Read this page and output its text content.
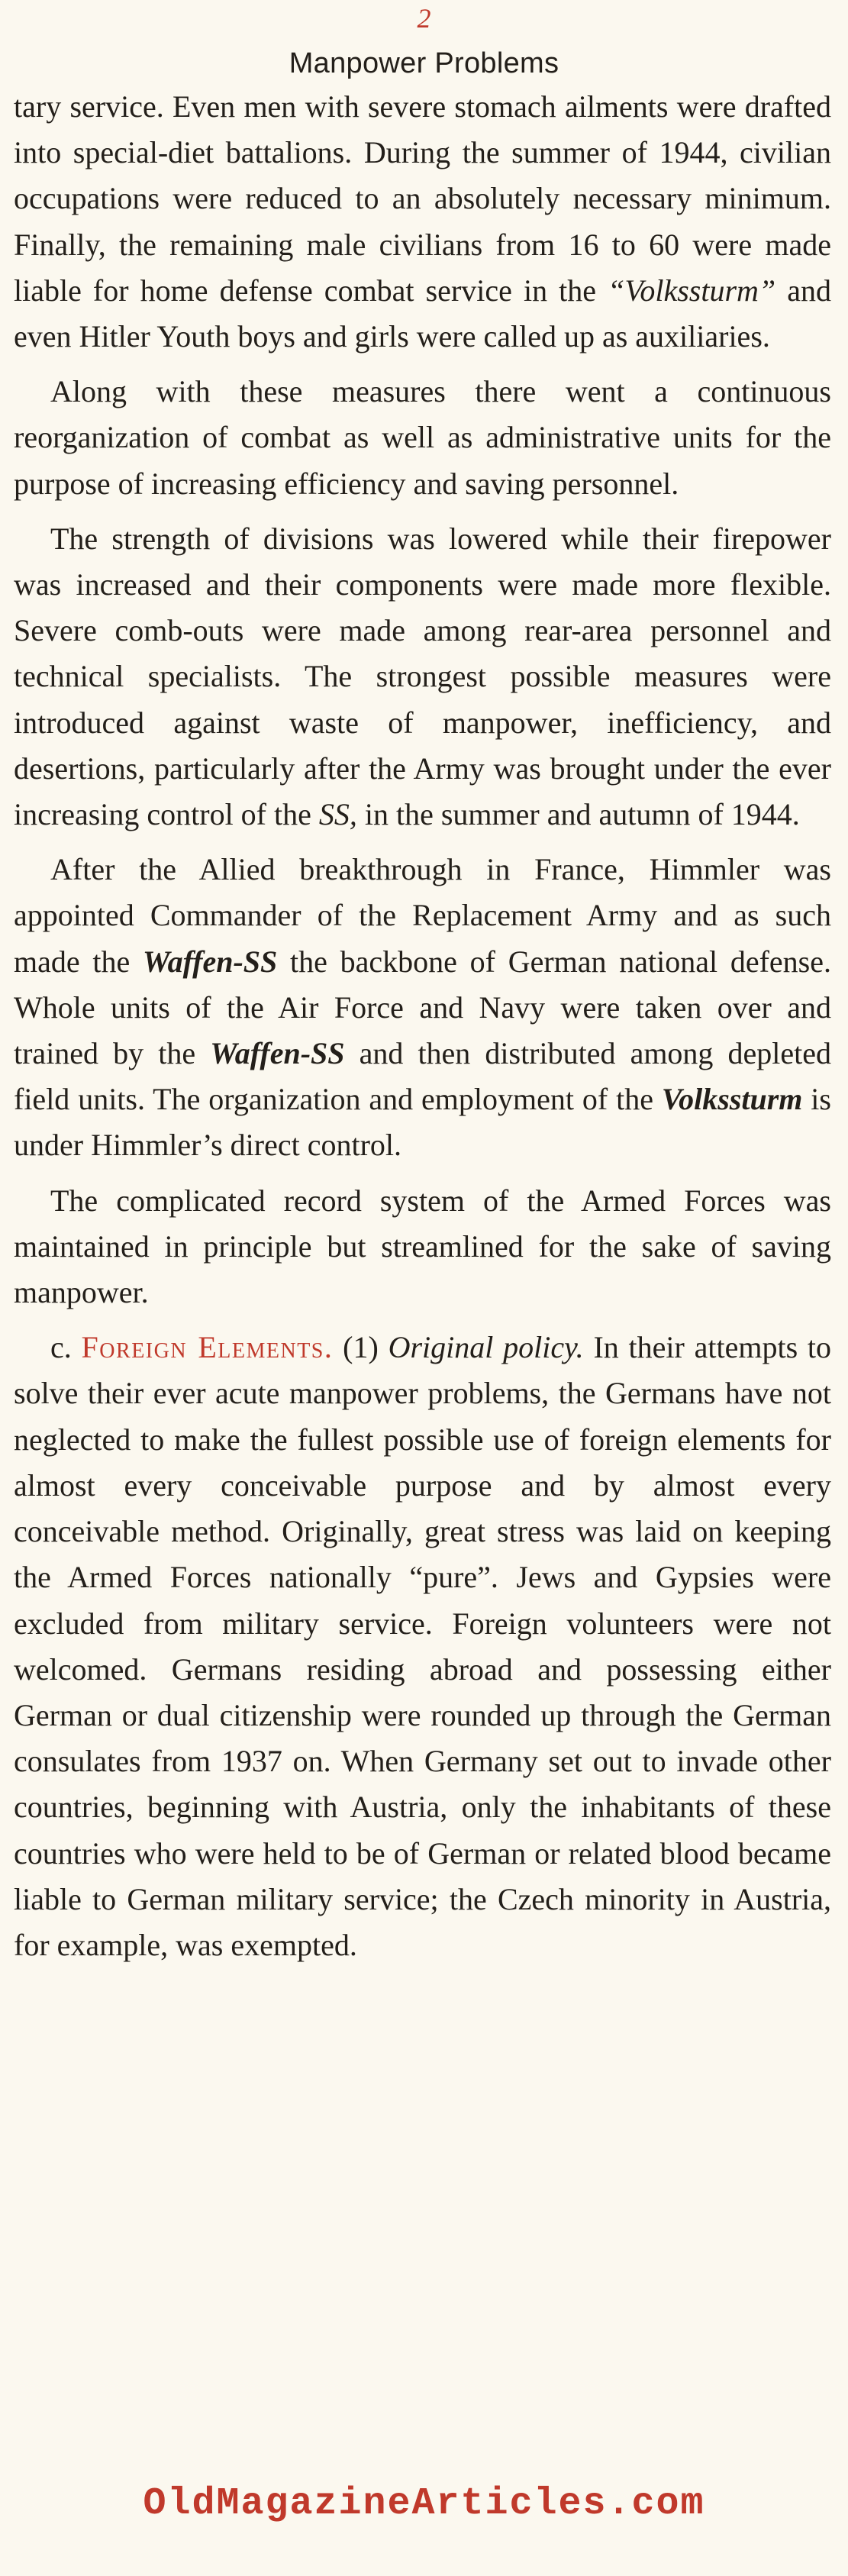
2
Manpower Problems

tary service. Even men with severe stomach ailments were drafted into special-diet battalions. During the summer of 1944, civilian occupations were reduced to an absolutely necessary minimum. Finally, the remaining male civilians from 16 to 60 were made liable for home defense combat service in the “Volkssturm” and even Hitler Youth boys and girls were called up as auxiliaries.

Along with these measures there went a continuous reorganization of combat as well as administrative units for the purpose of increasing efficiency and saving personnel.

The strength of divisions was lowered while their firepower was increased and their components were made more flexible. Severe comb-outs were made among rear-area personnel and technical specialists. The strongest possible measures were introduced against waste of manpower, inefficiency, and desertions, particularly after the Army was brought under the ever increasing control of the SS, in the summer and autumn of 1944.

After the Allied breakthrough in France, Himmler was appointed Commander of the Replacement Army and as such made the Waffen-SS the backbone of German national defense. Whole units of the Air Force and Navy were taken over and trained by the Waffen-SS and then distributed among depleted field units. The organization and employment of the Volkssturm is under Himmler’s direct control.

The complicated record system of the Armed Forces was maintained in principle but streamlined for the sake of saving manpower.

c. Foreign Elements. (1) Original policy. In their attempts to solve their ever acute manpower problems, the Germans have not neglected to make the fullest possible use of foreign elements for almost every conceivable purpose and by almost every conceivable method. Originally, great stress was laid on keeping the Armed Forces nationally “pure”. Jews and Gypsies were excluded from military service. Foreign volunteers were not welcomed. Germans residing abroad and possessing either German or dual citizenship were rounded up through the German consulates from 1937 on. When Germany set out to invade other countries, beginning with Austria, only the inhabitants of these countries who were held to be of German or related blood became liable to German military service; the Czech minority in Austria, for example, was exempted.

OldMagazineArticles.com
